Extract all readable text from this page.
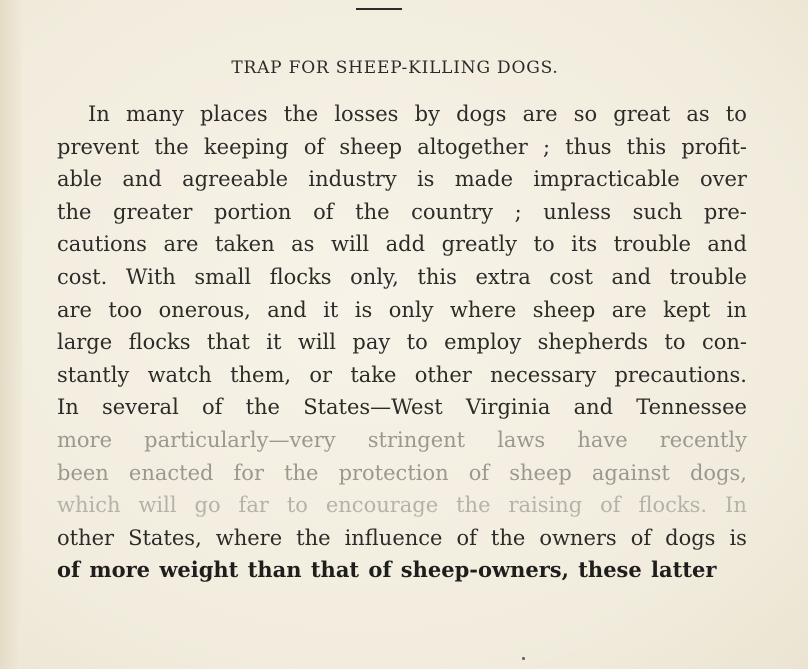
TRAP FOR SHEEP-KILLING DOGS.
In many places the losses by dogs are so great as to
prevent the keeping of sheep altogether ; thus this profit-
able and agreeable industry is made impracticable over
the greater portion of the country ; unless such pre-
cautions are taken as will add greatly to its trouble and
cost. With small flocks only, this extra cost and trouble
are too onerous, and it is only where sheep are kept in
large flocks that it will pay to employ shepherds to con-
stantly watch them, or take other necessary precautions.
In several of the States—West Virginia and Tennessee
more particularly—very stringent laws have recently
been enacted for the protection of sheep against dogs,
which will go far to encourage the raising of flocks. In
other States, where the influence of the owners of dogs is
of more weight than that of sheep-owners, these latter
